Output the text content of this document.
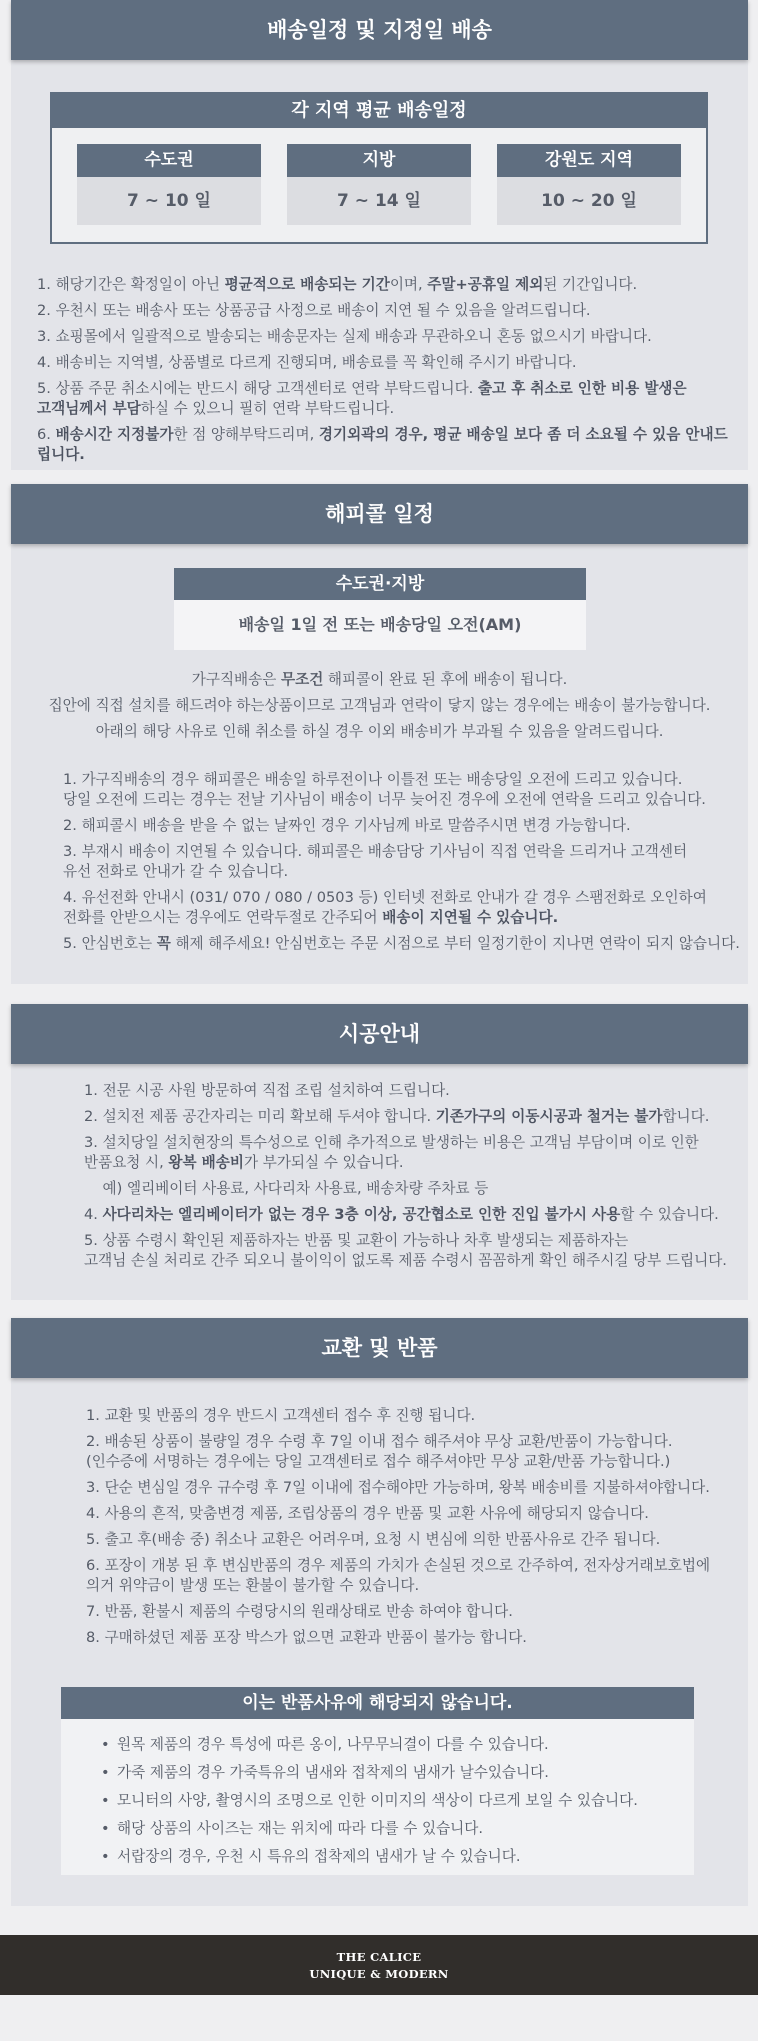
배송일정 및 지정일 배송
각 지역 평균 배송일정
수도권
7 ~ 10 일
지방
7 ~ 14 일
강원도 지역
10 ~ 20 일
1. 해당기간은 확정일이 아닌 평균적으로 배송되는 기간이며, 주말+공휴일 제외된 기간입니다.
2. 우천시 또는 배송사 또는 상품공급 사정으로 배송이 지연 될 수 있음을 알려드립니다.
3. 쇼핑몰에서 일괄적으로 발송되는 배송문자는 실제 배송과 무관하오니 혼동 없으시기 바랍니다.
4. 배송비는 지역별, 상품별로 다르게 진행되며, 배송료를 꼭 확인해 주시기 바랍니다.
5. 상품 주문 취소시에는 반드시 해당 고객센터로 연락 부탁드립니다. 출고 후 취소로 인한 비용 발생은
고객님께서 부담하실 수 있으니 필히 연락 부탁드립니다.
6. 배송시간 지정불가한 점 양해부탁드리며, 경기외곽의 경우, 평균 배송일 보다 좀 더 소요될 수 있음 안내드립니다.
해피콜 일정
수도권·지방
배송일 1일 전 또는 배송당일 오전(AM)

가구직배송은 무조건 해피콜이 완료 된 후에 배송이 됩니다.

집안에 직접 설치를 해드려야 하는상품이므로 고객님과 연락이 닿지 않는 경우에는 배송이 불가능합니다.

아래의 해당 사유로 인해 취소를 하실 경우 이외 배송비가 부과될 수 있음을 알려드립니다.

1. 가구직배송의 경우 해피콜은 배송일 하루전이나 이틀전 또는 배송당일 오전에 드리고 있습니다.
당일 오전에 드리는 경우는 전날 기사님이 배송이 너무 늦어진 경우에 오전에 연락을 드리고 있습니다.
2. 해피콜시 배송을 받을 수 없는 날짜인 경우 기사님께 바로 말씀주시면 변경 가능합니다.
3. 부재시 배송이 지연될 수 있습니다. 해피콜은 배송담당 기사님이 직접 연락을 드리거나 고객센터
유선 전화로 안내가 갈 수 있습니다.
4. 유선전화 안내시 (031/ 070 / 080 / 0503 등) 인터넷 전화로 안내가 갈 경우 스팸전화로 오인하여
전화를 안받으시는 경우에도 연락두절로 간주되어 배송이 지연될 수 있습니다.
5. 안심번호는 꼭 해제 해주세요! 안심번호는 주문 시점으로 부터 일정기한이 지나면 연락이 되지 않습니다.
시공안내
1. 전문 시공 사원 방문하여 직접 조립 설치하여 드립니다.
2. 설치전 제품 공간자리는 미리 확보해 두셔야 합니다. 기존가구의 이동시공과 철거는 불가합니다.
3. 설치당일 설치현장의 특수성으로 인해 추가적으로 발생하는 비용은 고객님 부담이며 이로 인한
반품요청 시, 왕복 배송비가 부가되실 수 있습니다.
예) 엘리베이터 사용료, 사다리차 사용료, 배송차량 주차료 등
4. 사다리차는 엘리베이터가 없는 경우 3층 이상, 공간협소로 인한 진입 불가시 사용할 수 있습니다.
5. 상품 수령시 확인된 제품하자는 반품 및 교환이 가능하나 차후 발생되는 제품하자는
고객님 손실 처리로 간주 되오니 불이익이 없도록 제품 수령시 꼼꼼하게 확인 해주시길 당부 드립니다.
교환 및 반품
1. 교환 및 반품의 경우 반드시 고객센터 접수 후 진행 됩니다.
2. 배송된 상품이 불량일 경우 수령 후 7일 이내 접수 해주셔야 무상 교환/반품이 가능합니다.
(인수증에 서명하는 경우에는 당일 고객센터로 접수 해주셔야만 무상 교환/반품 가능합니다.)
3. 단순 변심일 경우 규수령 후 7일 이내에 접수해야만 가능하며, 왕복 배송비를 지불하셔야합니다.
4. 사용의 흔적, 맞춤변경 제품, 조립상품의 경우 반품 및 교환 사유에 해당되지 않습니다.
5. 출고 후(배송 중) 취소나 교환은 어려우며, 요청 시 변심에 의한 반품사유로 간주 됩니다.
6. 포장이 개봉 된 후 변심반품의 경우 제품의 가치가 손실된 것으로 간주하여, 전자상거래보호법에
의거 위약금이 발생 또는 환불이 불가할 수 있습니다.
7. 반품, 환불시 제품의 수령당시의 원래상태로 반송 하여야 합니다.
8. 구매하셨던 제품 포장 박스가 없으면 교환과 반품이 불가능 합니다.
이는 반품사유에 해당되지 않습니다.
• 원목 제품의 경우 특성에 따른 옹이, 나무무늬결이 다를 수 있습니다.
• 가죽 제품의 경우 가죽특유의 냄새와 접착제의 냄새가 날수있습니다.
• 모니터의 사양, 촬영시의 조명으로 인한 이미지의 색상이 다르게 보일 수 있습니다.
• 해당 상품의 사이즈는 재는 위치에 따라 다를 수 있습니다.
• 서랍장의 경우, 우천 시 특유의 접착제의 냄새가 날 수 있습니다.
THE CALICE
UNIQUE & MODERN
